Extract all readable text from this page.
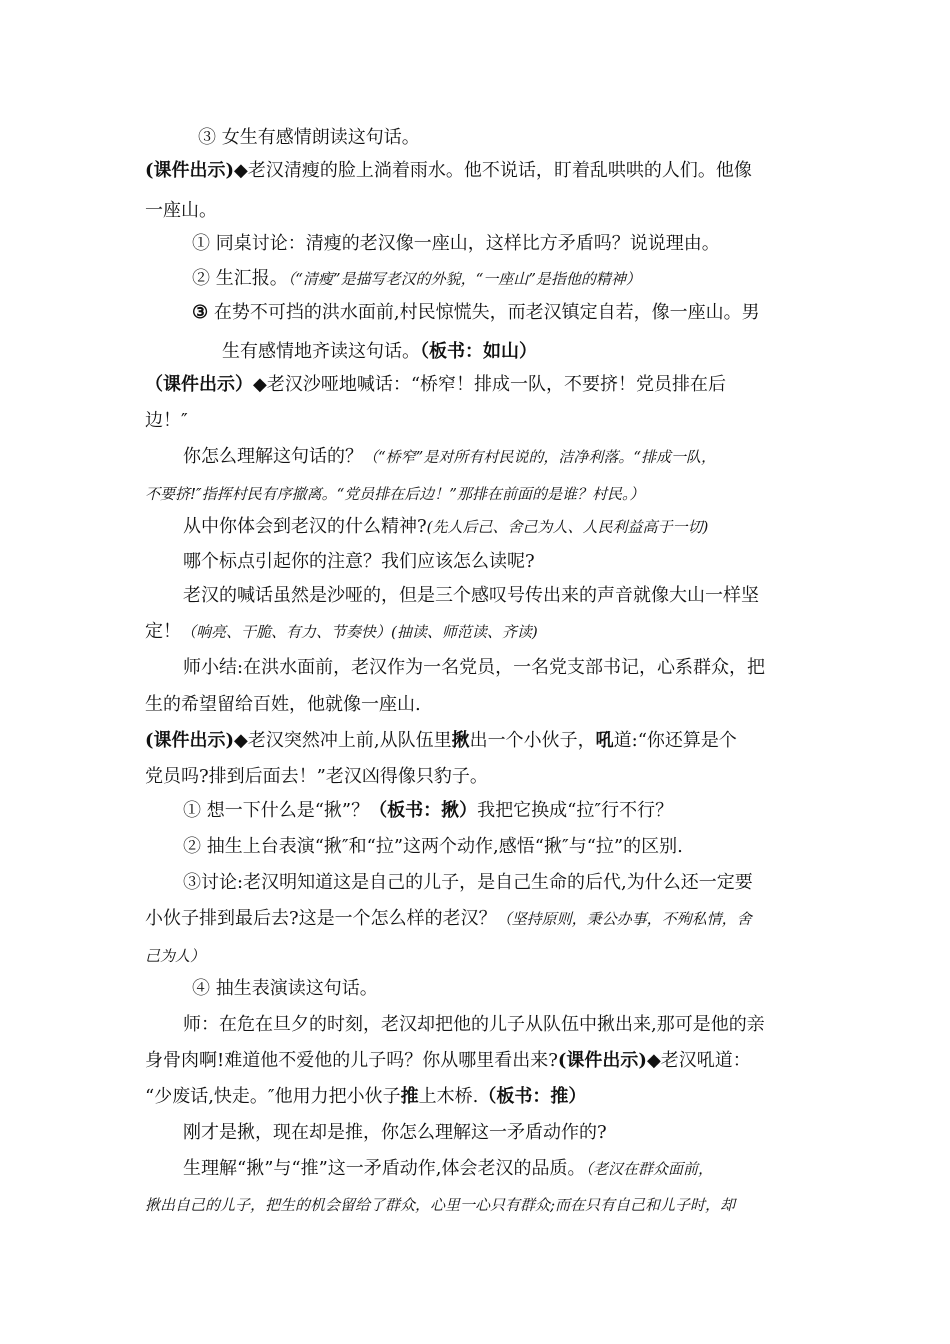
③ 女生有感情朗读这句话。
(课件出示)◆老汉清瘦的脸上淌着雨水。他不说话，盯着乱哄哄的人们。他像
一座山。
① 同桌讨论：清瘦的老汉像一座山，这样比方矛盾吗？说说理由。
② 生汇报。（“清瘦”是描写老汉的外貌，“一座山”是指他的精神）
③ 在势不可挡的洪水面前,村民惊慌失，而老汉镇定自若，像一座山。男
生有感情地齐读这句话。（板书：如山）
（课件出示）◆老汉沙哑地喊话：“桥窄！排成一队，不要挤！党员排在后
边！″
你怎么理解这句话的？（“桥窄”是对所有村民说的，洁净利落。“排成一队，
不要挤!″指挥村民有序撤离。“党员排在后边！”那排在前面的是谁？村民。）
从中你体会到老汉的什么精神?(先人后己、舍己为人、人民利益高于一切)
哪个标点引起你的注意？我们应该怎么读呢?
老汉的喊话虽然是沙哑的，但是三个感叹号传出来的声音就像大山一样坚
定！（响亮、干脆、有力、节奏快）(抽读、师范读、齐读)
师小结:在洪水面前，老汉作为一名党员，一名党支部书记，心系群众，把
生的希望留给百姓，他就像一座山.
(课件出示)◆老汉突然冲上前,从队伍里揪出一个小伙子，吼道:“你还算是个
党员吗?排到后面去！”老汉凶得像只豹子。
① 想一下什么是“揪”？（板书：揪）我把它换成“拉″行不行？
② 抽生上台表演“揪″和“拉”这两个动作,感悟“揪″与“拉”的区别.
③讨论:老汉明知道这是自己的儿子，是自己生命的后代,为什么还一定要
小伙子排到最后去?这是一个怎么样的老汉？（坚持原则，秉公办事，不殉私情，舍
己为人）
④ 抽生表演读这句话。
师：在危在旦夕的时刻，老汉却把他的儿子从队伍中揪出来,那可是他的亲
身骨肉啊!难道他不爱他的儿子吗？你从哪里看出来?(课件出示)◆老汉吼道：
“少废话,快走。″他用力把小伙子推上木桥.（板书：推）
刚才是揪，现在却是推，你怎么理解这一矛盾动作的?
生理解“揪”与“推”这一矛盾动作,体会老汉的品质。（老汉在群众面前，
揪出自己的儿子，把生的机会留给了群众，心里一心只有群众;而在只有自己和儿子时，却
